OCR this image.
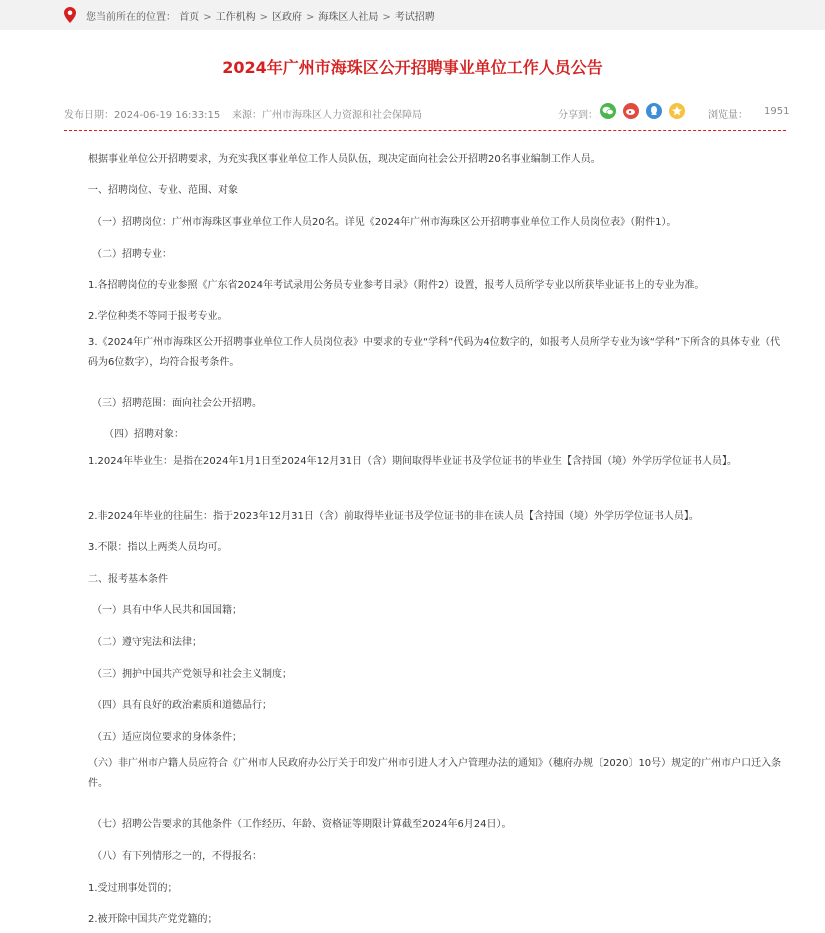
您当前所在的位置： 首页 > 工作机构 > 区政府 > 海珠区人社局 > 考试招聘
2024年广州市海珠区公开招聘事业单位工作人员公告
发布日期：2024-06-19 16:33:15 来源：广州市海珠区人力资源和社会保障局	分享到：	浏览量： 1951

根据事业单位公开招聘要求，为充实我区事业单位工作人员队伍，现决定面向社会公开招聘20名事业编制工作人员。

一、招聘岗位、专业、范围、对象

（一）招聘岗位：广州市海珠区事业单位工作人员20名。详见《2024年广州市海珠区公开招聘事业单位工作人员岗位表》（附件1）。

（二）招聘专业：

1.各招聘岗位的专业参照《广东省2024年考试录用公务员专业参考目录》（附件2）设置，报考人员所学专业以所获毕业证书上的专业为准。

2.学位种类不等同于报考专业。

3.《2024年广州市海珠区公开招聘事业单位工作人员岗位表》中要求的专业“学科”代码为4位数字的，如报考人员所学专业为该“学科”下所含的具体专业（代码为6位数字），均符合报考条件。

（三）招聘范围：面向社会公开招聘。

（四）招聘对象：

1.2024年毕业生：是指在2024年1月1日至2024年12月31日（含）期间取得毕业证书及学位证书的毕业生【含持国（境）外学历学位证书人员】。

2.非2024年毕业的往届生：指于2023年12月31日（含）前取得毕业证书及学位证书的非在读人员【含持国（境）外学历学位证书人员】。

3.不限：指以上两类人员均可。

二、报考基本条件

（一）具有中华人民共和国国籍；

（二）遵守宪法和法律；

（三）拥护中国共产党领导和社会主义制度；

（四）具有良好的政治素质和道德品行；

（五）适应岗位要求的身体条件；

（六）非广州市户籍人员应符合《广州市人民政府办公厅关于印发广州市引进人才入户管理办法的通知》（穗府办规〔2020〕10号）规定的广州市户口迁入条件。

（七）招聘公告要求的其他条件（工作经历、年龄、资格证等期限计算截至2024年6月24日）。

（八）有下列情形之一的，不得报名：

1.受过刑事处罚的；

2.被开除中国共产党党籍的；
